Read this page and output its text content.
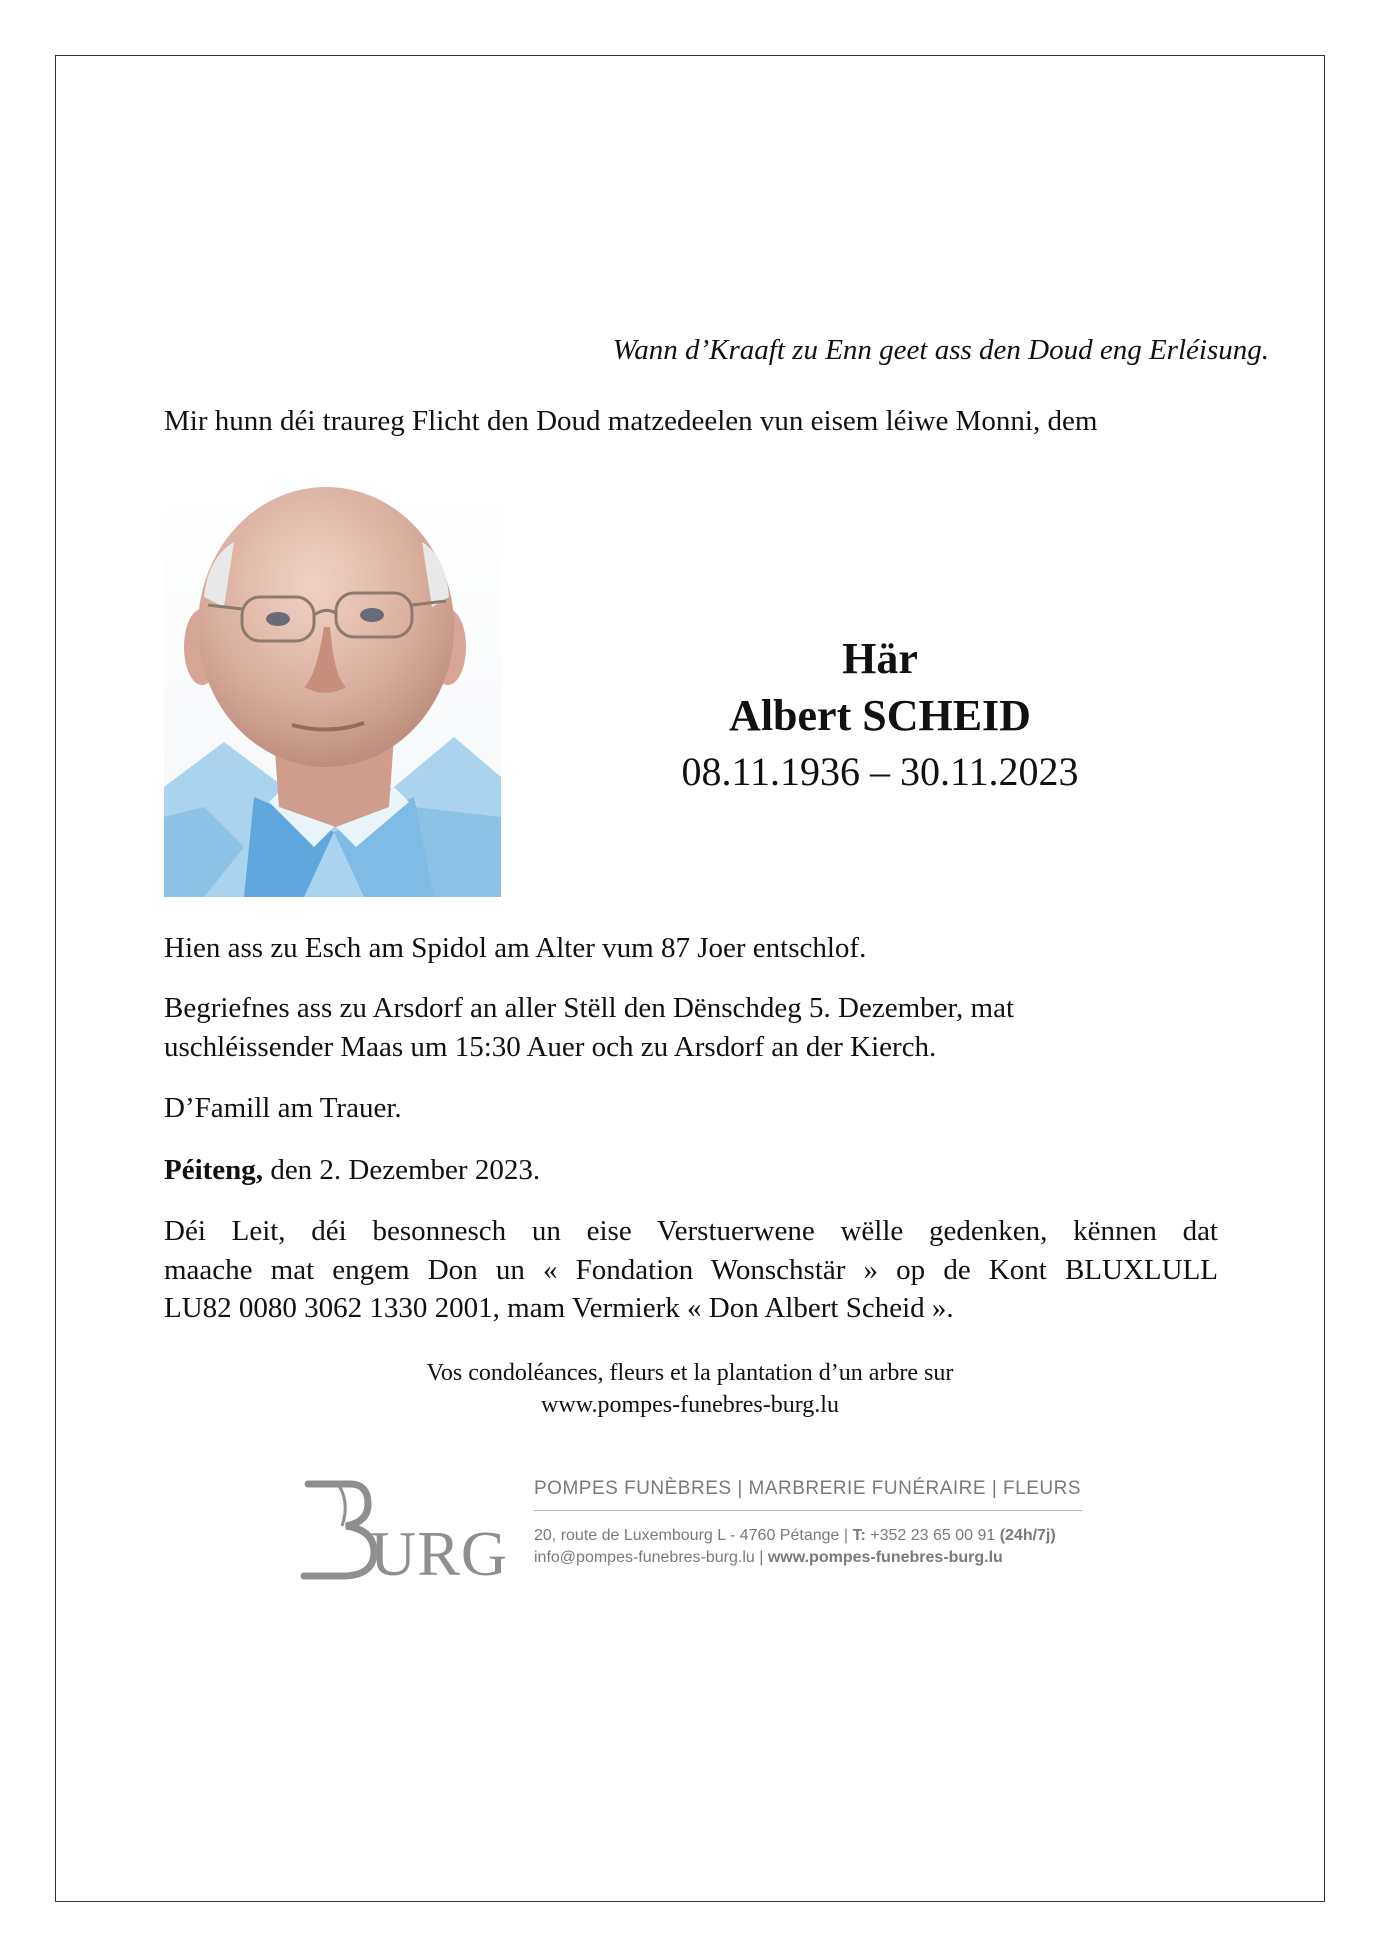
Wann d’Kraaft zu Enn geet ass den Doud eng Erléisung.
Mir hunn déi traureg Flicht den Doud matzedeelen vun eisem léiwe Monni, dem
Här
Albert SCHEID
08.11.1936 – 30.11.2023
Hien ass zu Esch am Spidol am Alter vum 87 Joer entschlof.
Begriefnes ass zu Arsdorf an aller Stëll den Dënschdeg 5. Dezember, mat
uschléissender Maas um 15:30 Auer och zu Arsdorf an der Kierch.
D’Famill am Trauer.
Péiteng, den 2. Dezember 2023.
Déi Leit, déi besonnesch un eise Verstuerwene wëlle gedenken, kënnen dat
maache mat engem Don un « Fondation Wonschstär » op de Kont BLUXLULL
LU82 0080 3062 1330 2001, mam Vermierk « Don Albert Scheid ».
Vos condoléances, fleurs et la plantation d’un arbre sur
www.pompes-funebres-burg.lu
URG
POMPES FUNÈBRES | MARBRERIE FUNÉRAIRE | FLEURS
20, route de Luxembourg L - 4760 Pétange | T: +352 23 65 00 91 (24h/7j)
info@pompes-funebres-burg.lu | www.pompes-funebres-burg.lu
